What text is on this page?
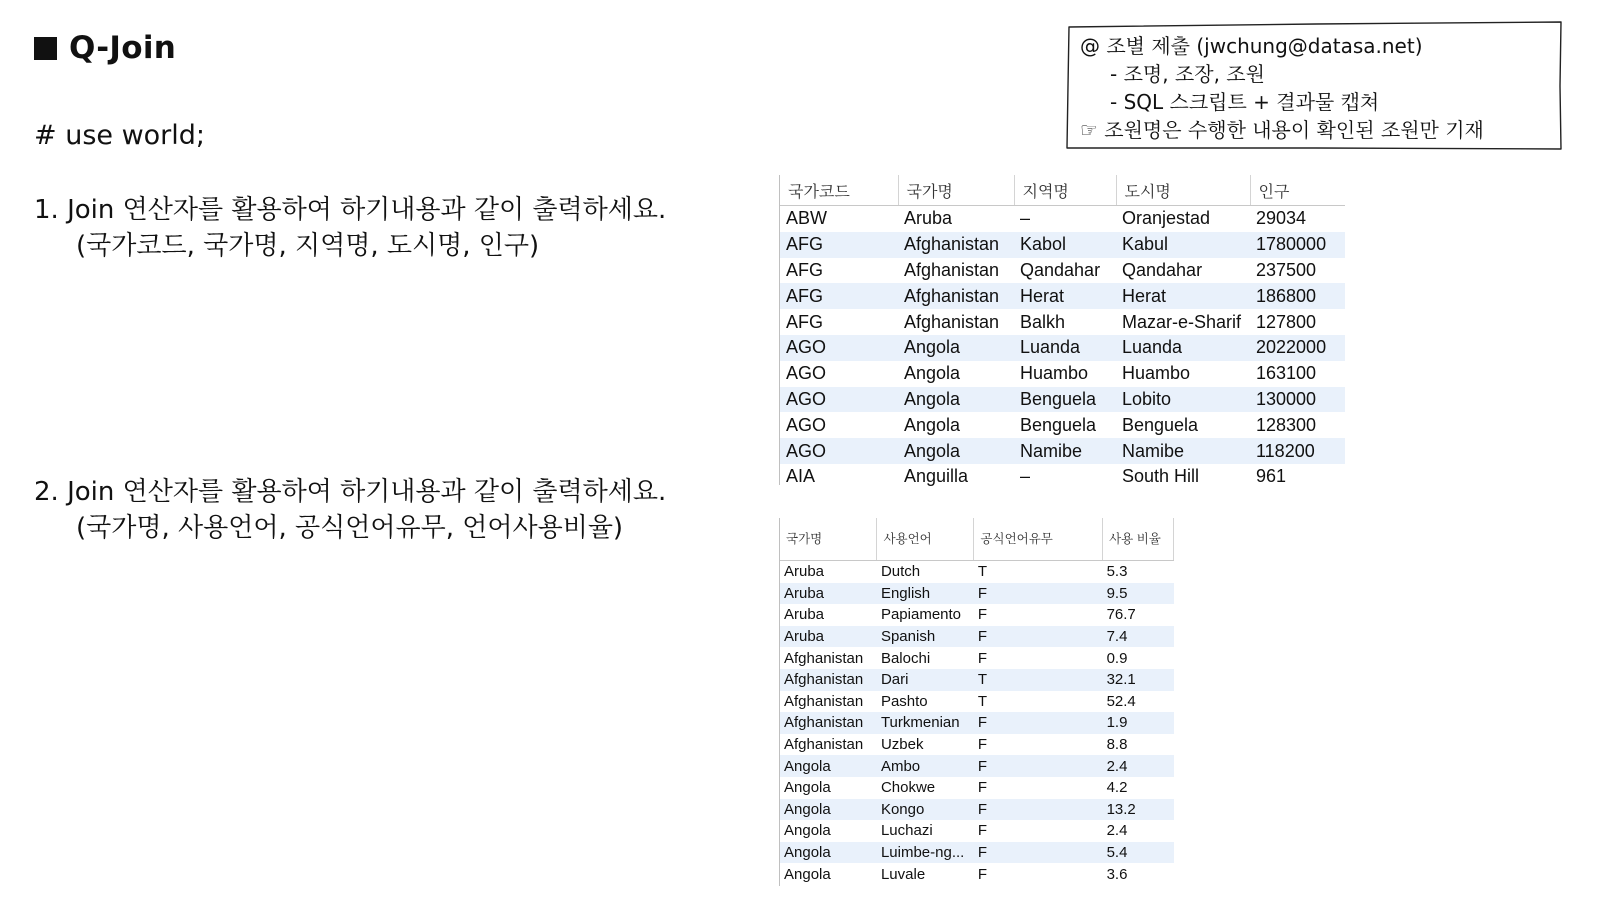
Q-Join
# use world;
1. Join 연산자를 활용하여 하기내용과 같이 출력하세요.
(국가코드, 국가명, 지역명, 도시명, 인구)
2. Join 연산자를 활용하여 하기내용과 같이 출력하세요.
(국가명, 사용언어, 공식언어유무, 언어사용비율)
@ 조별 제출 (jwchung@datasa.net)
- 조명, 조장, 조원
- SQL 스크립트 + 결과물 캡쳐
☞ 조원명은 수행한 내용이 확인된 조원만 기재
국가코드	국가명	지역명	도시명	인구
ABW	Aruba	–	Oranjestad	29034
AFG	Afghanistan	Kabol	Kabul	1780000
AFG	Afghanistan	Qandahar	Qandahar	237500
AFG	Afghanistan	Herat	Herat	186800
AFG	Afghanistan	Balkh	Mazar-e-Sharif	127800
AGO	Angola	Luanda	Luanda	2022000
AGO	Angola	Huambo	Huambo	163100
AGO	Angola	Benguela	Lobito	130000
AGO	Angola	Benguela	Benguela	128300
AGO	Angola	Namibe	Namibe	118200
AIA	Anguilla	–	South Hill	961
국가명	사용언어	공식언어유무	사용 비율
Aruba	Dutch	T	5.3
Aruba	English	F	9.5
Aruba	Papiamento	F	76.7
Aruba	Spanish	F	7.4
Afghanistan	Balochi	F	0.9
Afghanistan	Dari	T	32.1
Afghanistan	Pashto	T	52.4
Afghanistan	Turkmenian	F	1.9
Afghanistan	Uzbek	F	8.8
Angola	Ambo	F	2.4
Angola	Chokwe	F	4.2
Angola	Kongo	F	13.2
Angola	Luchazi	F	2.4
Angola	Luimbe-ng...	F	5.4
Angola	Luvale	F	3.6
